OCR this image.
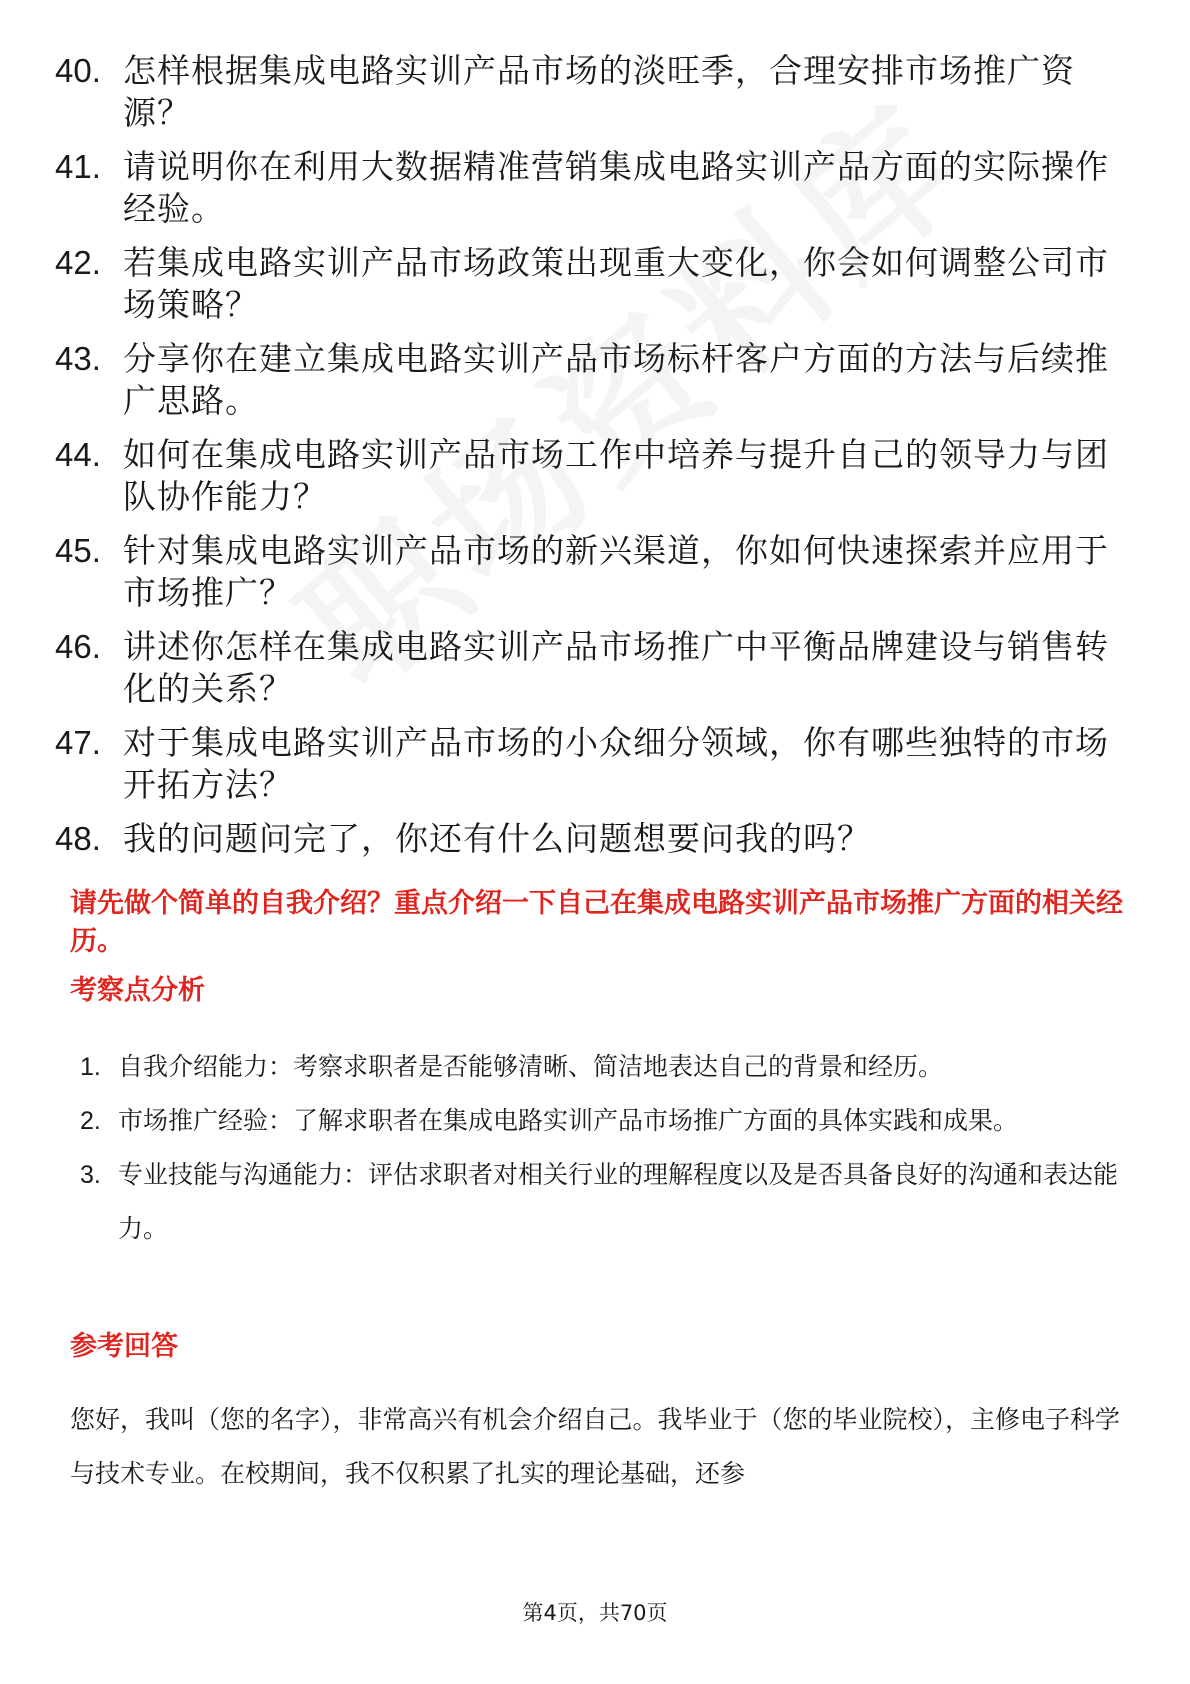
40. 怎样根据集成电路实训产品市场的淡旺季，合理安排市场推广资源？
41. 请说明你在利用大数据精准营销集成电路实训产品方面的实际操作经验。
42. 若集成电路实训产品市场政策出现重大变化，你会如何调整公司市场策略？
43. 分享你在建立集成电路实训产品市场标杆客户方面的方法与后续推广思路。
44. 如何在集成电路实训产品市场工作中培养与提升自己的领导力与团队协作能力？
45. 针对集成电路实训产品市场的新兴渠道，你如何快速探索并应用于市场推广？
46. 讲述你怎样在集成电路实训产品市场推广中平衡品牌建设与销售转化的关系？
47. 对于集成电路实训产品市场的小众细分领域，你有哪些独特的市场开拓方法？
48. 我的问题问完了，你还有什么问题想要问我的吗？
请先做个简单的自我介绍？重点介绍一下自己在集成电路实训产品市场推广方面的相关经历。
考察点分析
1. 自我介绍能力：考察求职者是否能够清晰、简洁地表达自己的背景和经历。
2. 市场推广经验：了解求职者在集成电路实训产品市场推广方面的具体实践和成果。
3. 专业技能与沟通能力：评估求职者对相关行业的理解程度以及是否具备良好的沟通和表达能力。
参考回答

您好，我叫（您的名字），非常高兴有机会介绍自己。我毕业于（您的毕业院校），主修电子科学与技术专业。在校期间，我不仅积累了扎实的理论基础，还参

第4页，共70页
